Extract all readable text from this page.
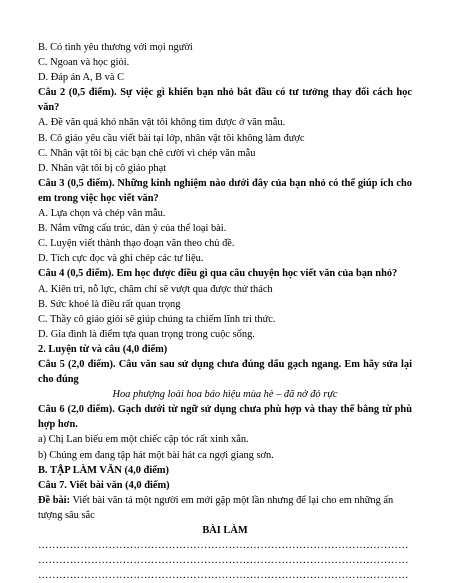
B. Có tình yêu thương với mọi người
C. Ngoan và học giỏi.
D. Đáp án A, B và C
Câu 2 (0,5 điểm). Sự việc gì khiến bạn nhỏ bắt đầu có tư tưởng thay đổi cách học văn?
A. Đề văn quá khó nhân vật tôi không tìm được ở văn mẫu.
B. Cô giáo yêu cầu viết bài tại lớp, nhân vật tôi không làm được
C. Nhân vật tôi bị các bạn chê cười vì chép văn mẫu
D. Nhân vật tôi bị cô giáo phạt
Câu 3 (0,5 điểm). Những kinh nghiệm nào dưới đây của bạn nhỏ có thể giúp ích cho em trong việc học viết văn?
A. Lựa chọn và chép văn mẫu.
B. Nắm vững cấu trúc, dàn ý của thể loại bài.
C. Luyện viết thành thạo đoạn văn theo chủ đề.
D. Tích cực đọc và ghi chép các tư liệu.
Câu 4 (0,5 điểm). Em học được điều gì qua câu chuyện học viết văn của bạn nhỏ?
A. Kiên trì, nỗ lực, chăm chỉ sẽ vượt qua được thử thách
B. Sức khoẻ là điều rất quan trọng
C. Thầy cô giáo giỏi sẽ giúp chúng ta chiếm lĩnh tri thức.
D. Gia đình là điểm tựa quan trọng trong cuộc sống.
2. Luyện từ và câu (4,0 điểm)
Câu 5 (2,0 điểm). Câu văn sau sử dụng chưa đúng dấu gạch ngang. Em hãy sửa lại cho đúng
Hoa phượng loài hoa báo hiệu mùa hè – đã nở đỏ rực
Câu 6 (2,0 điểm). Gạch dưới từ ngữ sử dụng chưa phù hợp và thay thế bằng từ phù hợp hơn.
a) Chị Lan biếu em một chiếc cặp tóc rất xinh xắn.
b) Chúng em đang tập hát một bài hát ca ngợi giang sơn.
B. TẬP LÀM VĂN (4,0 điểm)
Câu 7. Viết bài văn (4,0 điểm)
Đề bài: Viết bài văn tả một người em mới gặp một lần nhưng để lại cho em những ấn tượng sâu sắc
BÀI LÀM
……………………………………………………………………………………………
……………………………………………………………………………………………
……………………………………………………………………………………………
